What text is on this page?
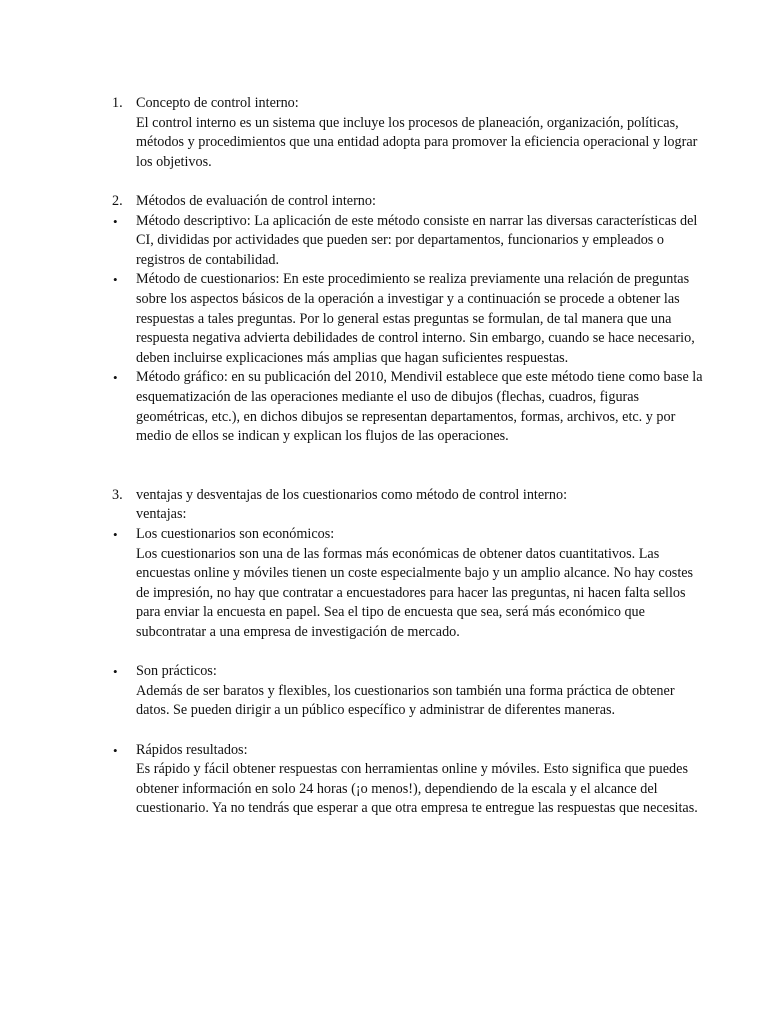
1. Concepto de control interno:
El control interno es un sistema que incluye los procesos de planeación, organización, políticas, métodos y procedimientos que una entidad adopta para promover la eficiencia operacional y lograr los objetivos.
2. Métodos de evaluación de control interno:
•	Método descriptivo: La aplicación de este método consiste en narrar las diversas características del CI, divididas por actividades que pueden ser: por departamentos, funcionarios y empleados o registros de contabilidad.
•	Método de cuestionarios: En este procedimiento se realiza previamente una relación de preguntas sobre los aspectos básicos de la operación a investigar y a continuación se procede a obtener las respuestas a tales preguntas. Por lo general estas preguntas se formulan, de tal manera que una respuesta negativa advierta debilidades de control interno. Sin embargo, cuando se hace necesario, deben incluirse explicaciones más amplias que hagan suficientes respuestas.
•	Método gráfico: en su publicación del 2010, Mendivil establece que este método tiene como base la esquematización de las operaciones mediante el uso de dibujos (flechas, cuadros, figuras geométricas, etc.), en dichos dibujos se representan departamentos, formas, archivos, etc. y por medio de ellos se indican y explican los flujos de las operaciones.
3. ventajas y desventajas de los cuestionarios como método de control interno:
ventajas:
•	Los cuestionarios son económicos:
Los cuestionarios son una de las formas más económicas de obtener datos cuantitativos. Las encuestas online y móviles tienen un coste especialmente bajo y un amplio alcance. No hay costes de impresión, no hay que contratar a encuestadores para hacer las preguntas, ni hacen falta sellos para enviar la encuesta en papel. Sea el tipo de encuesta que sea, será más económico que subcontratar a una empresa de investigación de mercado.
•	Son prácticos:
Además de ser baratos y flexibles, los cuestionarios son también una forma práctica de obtener datos. Se pueden dirigir a un público específico y administrar de diferentes maneras.
•	Rápidos resultados:
Es rápido y fácil obtener respuestas con herramientas online y móviles. Esto significa que puedes obtener información en solo 24 horas (¡o menos!), dependiendo de la escala y el alcance del cuestionario. Ya no tendrás que esperar a que otra empresa te entregue las respuestas que necesitas.
